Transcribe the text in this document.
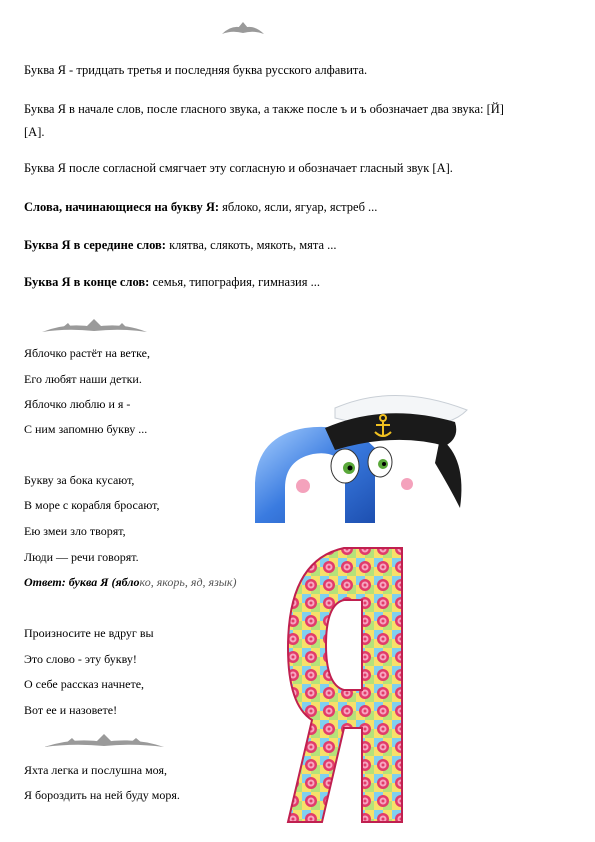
Буква Я - тридцать третья и последняя буква русского алфавита.
Буква Я в начале слов, после гласного звука, а также после ъ и ъ обозначает два звука: [Й]
[А].
Буква Я после согласной смягчает эту согласную и обозначает гласный звук [А].
Слова, начинающиеся на букву Я: яблоко, ясли, ягуар, ястреб ...
Буква Я в середине слов: клятва, слякоть, мякоть, мята ...
Буква Я в конце слов: семья, типография, гимназия ...
Яблочко растёт на ветке,
Его любят наши детки.
Яблочко люблю и я -
С ним запомню букву ...
Букву за бока кусают,
В море с корабля бросают,
Ею змеи зло творят,
Люди — речи говорят.
Ответ: буква Я (яблоко, якорь, яд, язык)
Произносите не вдруг вы
Это слово - эту букву!
О себе рассказ начнете,
Вот ее и назовете!
Яхта легка и послушна моя,
Я бороздить на ней буду моря.
